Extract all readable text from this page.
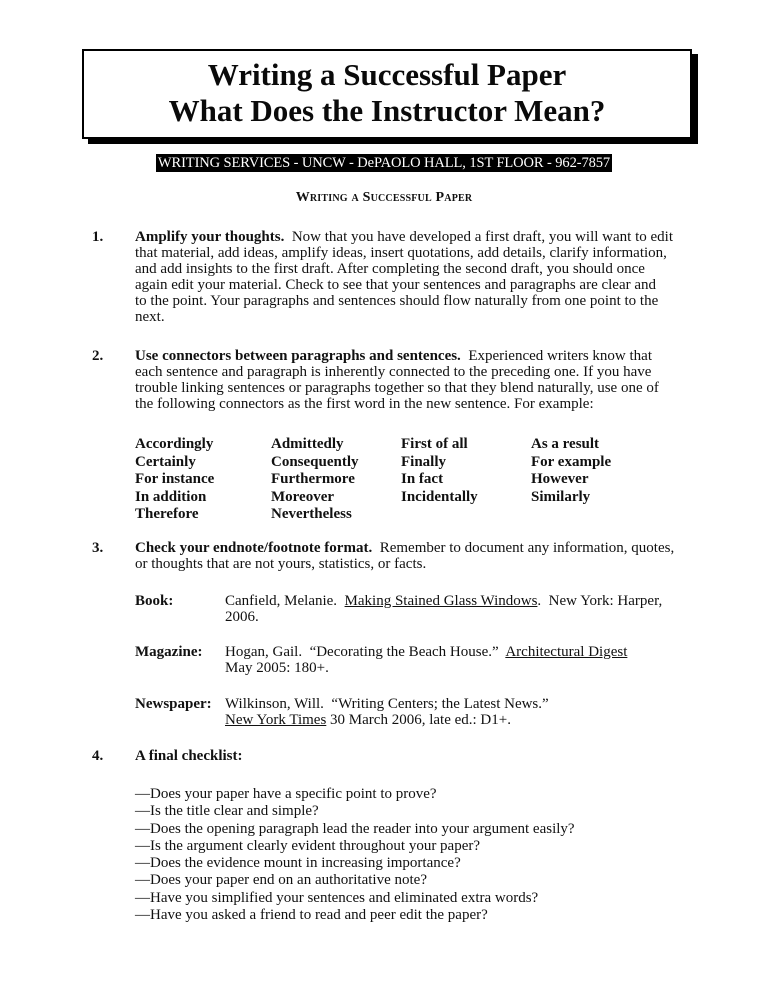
Writing a Successful Paper
What Does the Instructor Mean?
WRITING SERVICES - UNCW - DePAOLO HALL, 1ST FLOOR - 962-7857
Writing a Successful Paper
1. Amplify your thoughts. Now that you have developed a first draft, you will want to edit
that material, add ideas, amplify ideas, insert quotations, add details, clarify information,
and add insights to the first draft. After completing the second draft, you should once
again edit your material. Check to see that your sentences and paragraphs are clear and
to the point. Your paragraphs and sentences should flow naturally from one point to the
next.
2. Use connectors between paragraphs and sentences. Experienced writers know that
each sentence and paragraph is inherently connected to the preceding one. If you have
trouble linking sentences or paragraphs together so that they blend naturally, use one of
the following connectors as the first word in the new sentence. For example:
Accordingly
Certainly
For instance
In addition
Therefore
Admittedly
Consequently
Furthermore
Moreover
Nevertheless
First of all
Finally
In fact
Incidentally
As a result
For example
However
Similarly
3. Check your endnote/footnote format. Remember to document any information, quotes,
or thoughts that are not yours, statistics, or facts.
Book:	Canfield, Melanie.  Making Stained Glass Windows.  New York: Harper,
2006.
Magazine: Hogan, Gail.  “Decorating the Beach House.”  Architectural Digest
May 2005: 180+.
Newspaper: Wilkinson, Will.  “Writing Centers; the Latest News.”
New York Times 30 March 2006, late ed.: D1+.
4. A final checklist:
—Does your paper have a specific point to prove?
—Is the title clear and simple?
—Does the opening paragraph lead the reader into your argument easily?
—Is the argument clearly evident throughout your paper?
—Does the evidence mount in increasing importance?
—Does your paper end on an authoritative note?
—Have you simplified your sentences and eliminated extra words?
—Have you asked a friend to read and peer edit the paper?
